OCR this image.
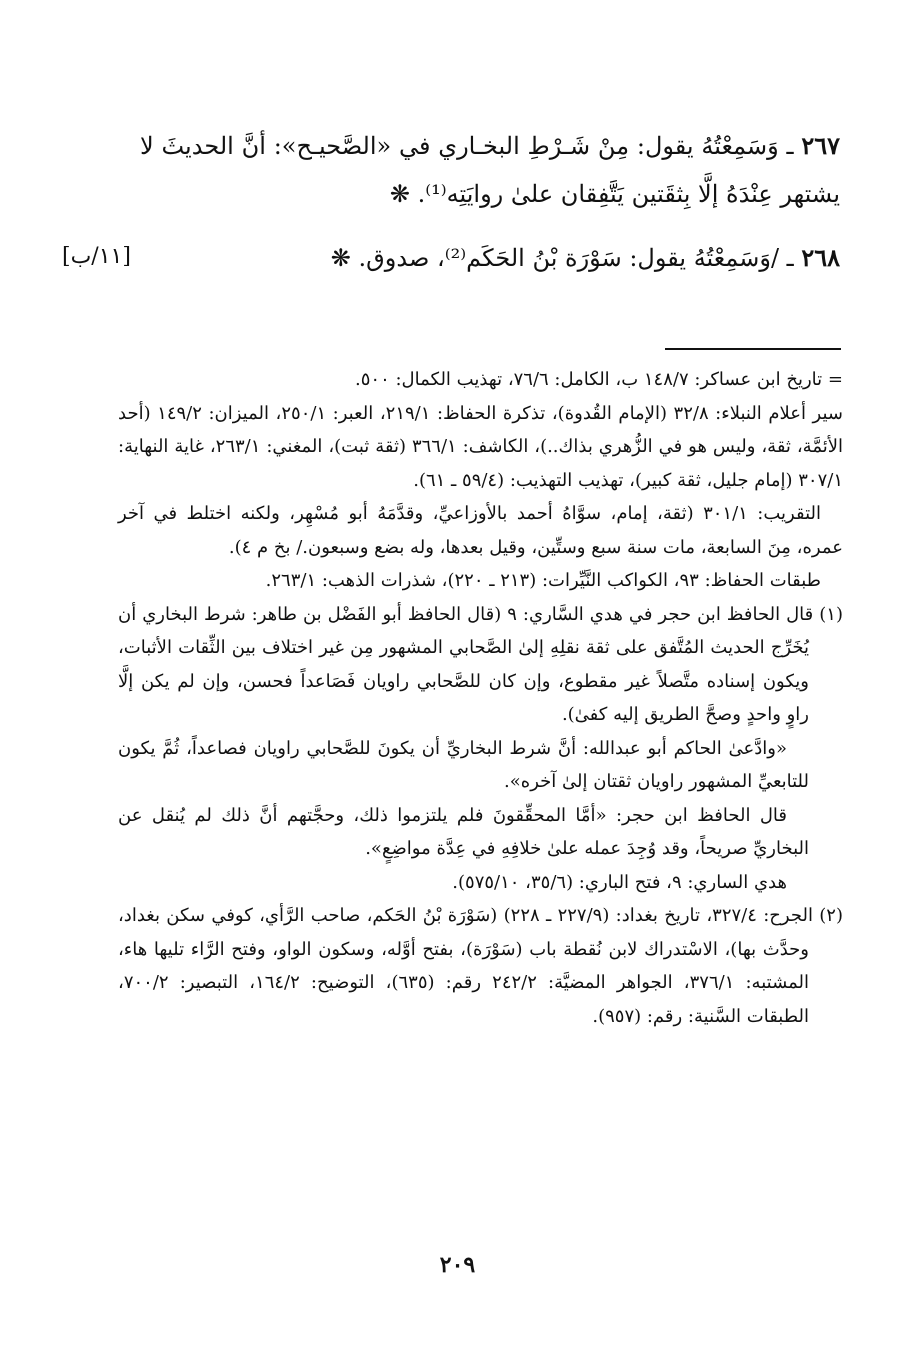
٢٦٧ ـ وَسَمِعْتُهُ يقول: مِنْ شَـرْطِ البخـاري في «الصَّحيـح»: أنَّ الحديثَ لا يشتهر عِنْدَهُ إلَّا بِثقَتين يَتَّفِقان علىٰ روايَتِه⁽¹⁾. ❋

٢٦٨ ـ /وَسَمِعْتُهُ يقول: سَوْرَة بْنُ الحَكَم⁽²⁾، صدوق. ❋

[١١/ب]

= تاريخ ابن عساكر: ١٤٨/٧ ب، الكامل: ٧٦/٦، تهذيب الكمال: ٥٠٠.

سير أعلام النبلاء: ٣٢/٨ (الإمام القُدوة)، تذكرة الحفاظ: ٢١٩/١، العبر: ٢٥٠/١، الميزان: ١٤٩/٢ (أحد الأئمَّة، ثقة، وليس هو في الزُّهري بذاك..)، الكاشف: ٣٦٦/١ (ثقة ثبت)، المغني: ٢٦٣/١، غاية النهاية: ٣٠٧/١ (إمام جليل، ثقة كبير)، تهذيب التهذيب: (٥٩/٤ ـ ٦١).

التقريب: ٣٠١/١ (ثقة، إمام، سوَّاهُ أحمد بالأوزاعيِّ، وقدَّمَهُ أبو مُسْهِر، ولكنه اختلط في آخر عمره، مِنَ السابعة، مات سنة سبع وستِّين، وقيل بعدها، وله بضع وسبعون./ بخ م ٤).

طبقات الحفاظ: ٩٣، الكواكب النَّيِّرات: (٢١٣ ـ ٢٢٠)، شذرات الذهب: ٢٦٣/١.

(١) قال الحافظ ابن حجر في هدي السَّاري: ٩ (قال الحافظ أبو الفَضْل بن طاهر: شرط البخاري أن يُخَرِّج الحديث المُتَّفق على ثقة نقلِهِ إلىٰ الصَّحابي المشهور مِن غير اختلاف بين الثِّقات الأثبات، ويكون إسناده متَّصلاً غير مقطوع، وإن كان للصَّحابي راويان فَصَاعداً فحسن، وإن لم يكن إلَّا راوٍ واحدٍ وصحَّ الطريق إليه كفىٰ).

«وادَّعىٰ الحاكم أبو عبدالله: أنَّ شرط البخاريِّ أن يكونَ للصَّحابي راويان فصاعداً، ثُمَّ يكون للتابعيِّ المشهور راويان ثقتان إلىٰ آخره».

قال الحافظ ابن حجر: «أمَّا المحقِّقونَ فلم يلتزموا ذلك، وحجَّتهم أنَّ ذلك لم يُنقل عن البخاريِّ صريحاً، وقد وُجِدَ عمله علىٰ خلافِهِ في عِدَّة مواضِعٍ».

هدي الساري: ٩، فتح الباري: (٣٥/٦، ٥٧٥/١٠).

(٢) الجرح: ٣٢٧/٤، تاريخ بغداد: (٢٢٧/٩ ـ ٢٢٨) (سَوْرَة بْنُ الحَكم، صاحب الرَّأي، كوفي سكن بغداد، وحدَّث بها)، الاسْتدراك لابن نُقطة باب (سَوْرَة)، بفتح أوَّله، وسكون الواو، وفتح الرَّاء تليها هاء، المشتبه: ٣٧٦/١، الجواهر المضيَّة: ٢٤٢/٢ رقم: (٦٣٥)، التوضيح: ١٦٤/٢، التبصير: ٧٠٠/٢، الطبقات السَّنية: رقم: (٩٥٧).

٢٠٩
